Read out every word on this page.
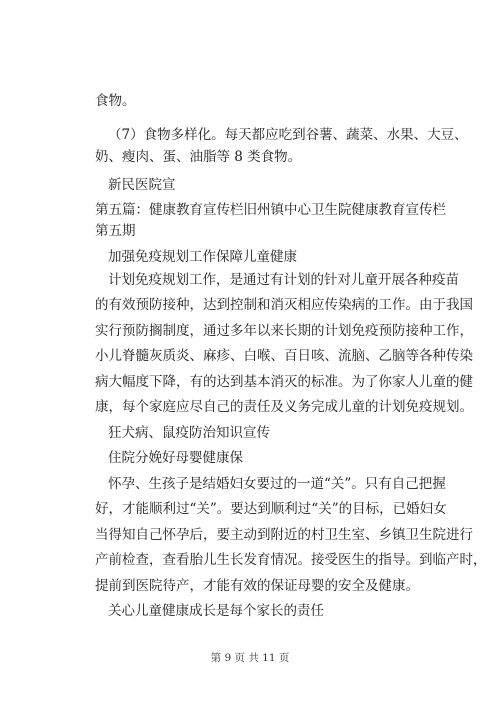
食物。
（7）食物多样化。每天都应吃到谷薯、蔬菜、水果、大豆、
奶、瘦肉、蛋、油脂等 8 类食物。
新民医院宣
第五篇：健康教育宣传栏旧州镇中心卫生院健康教育宣传栏
第五期
加强免疫规划工作保障儿童健康
计划免疫规划工作，是通过有计划的针对儿童开展各种疫苗
的有效预防接种，达到控制和消灭相应传染病的工作。由于我国
实行预防搁制度，通过多年以来长期的计划免疫预防接种工作，
小儿脊髓灰质炎、麻疹、白喉、百日咳、流脑、乙脑等各种传染
病大幅度下降，有的达到基本消灭的标准。为了你家人儿童的健
康，每个家庭应尽自己的责任及义务完成儿童的计划免疫规划。
狂犬病、鼠疫防治知识宣传
住院分娩好母婴健康保
怀孕、生孩子是结婚妇女要过的一道“关”。只有自己把握
好，才能顺利过“关”。要达到顺利过“关”的目标，已婚妇女
当得知自己怀孕后，要主动到附近的村卫生室、乡镇卫生院进行
产前检查，查看胎儿生长发育情况。接受医生的指导。到临产时，
提前到医院待产，才能有效的保证母婴的安全及健康。
关心儿童健康成长是每个家长的责任
第 9 页 共 11 页
